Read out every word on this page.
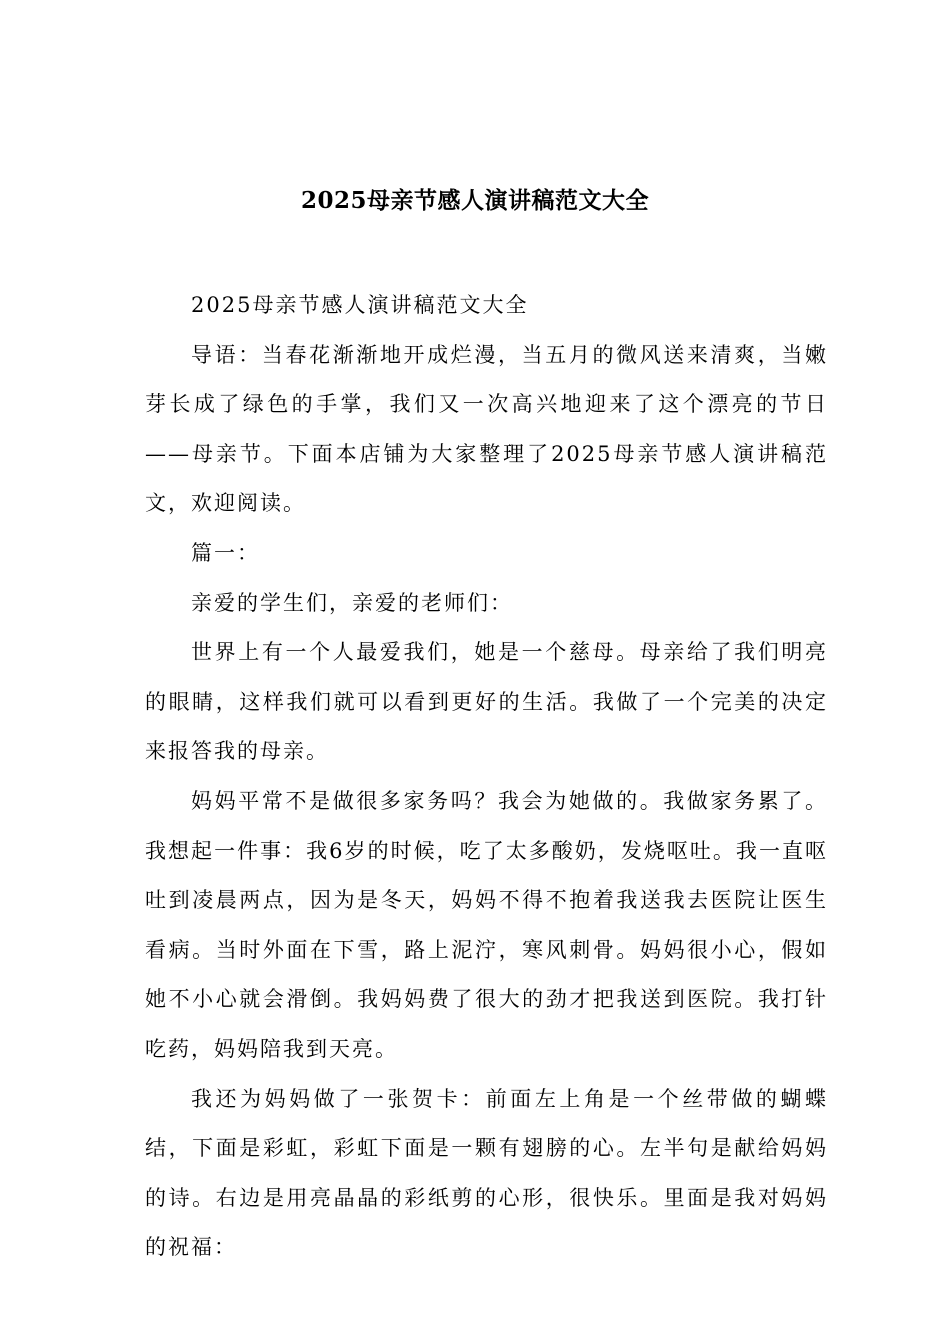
2025母亲节感人演讲稿范文大全

2025母亲节感人演讲稿范文大全

导语：当春花渐渐地开成烂漫，当五月的微风送来清爽，当嫩芽长成了绿色的手掌，我们又一次高兴地迎来了这个漂亮的节日——母亲节。下面本店铺为大家整理了2025母亲节感人演讲稿范文，欢迎阅读。

篇一：

亲爱的学生们，亲爱的老师们：

世界上有一个人最爱我们，她是一个慈母。母亲给了我们明亮的眼睛，这样我们就可以看到更好的生活。我做了一个完美的决定来报答我的母亲。

妈妈平常不是做很多家务吗？我会为她做的。我做家务累了。我想起一件事：我6岁的时候，吃了太多酸奶，发烧呕吐。我一直呕吐到凌晨两点，因为是冬天，妈妈不得不抱着我送我去医院让医生看病。当时外面在下雪，路上泥泞，寒风刺骨。妈妈很小心，假如她不小心就会滑倒。我妈妈费了很大的劲才把我送到医院。我打针吃药，妈妈陪我到天亮。

我还为妈妈做了一张贺卡：前面左上角是一个丝带做的蝴蝶结，下面是彩虹，彩虹下面是一颗有翅膀的心。左半句是献给妈妈的诗。右边是用亮晶晶的彩纸剪的心形，很快乐。里面是我对妈妈的祝福：
